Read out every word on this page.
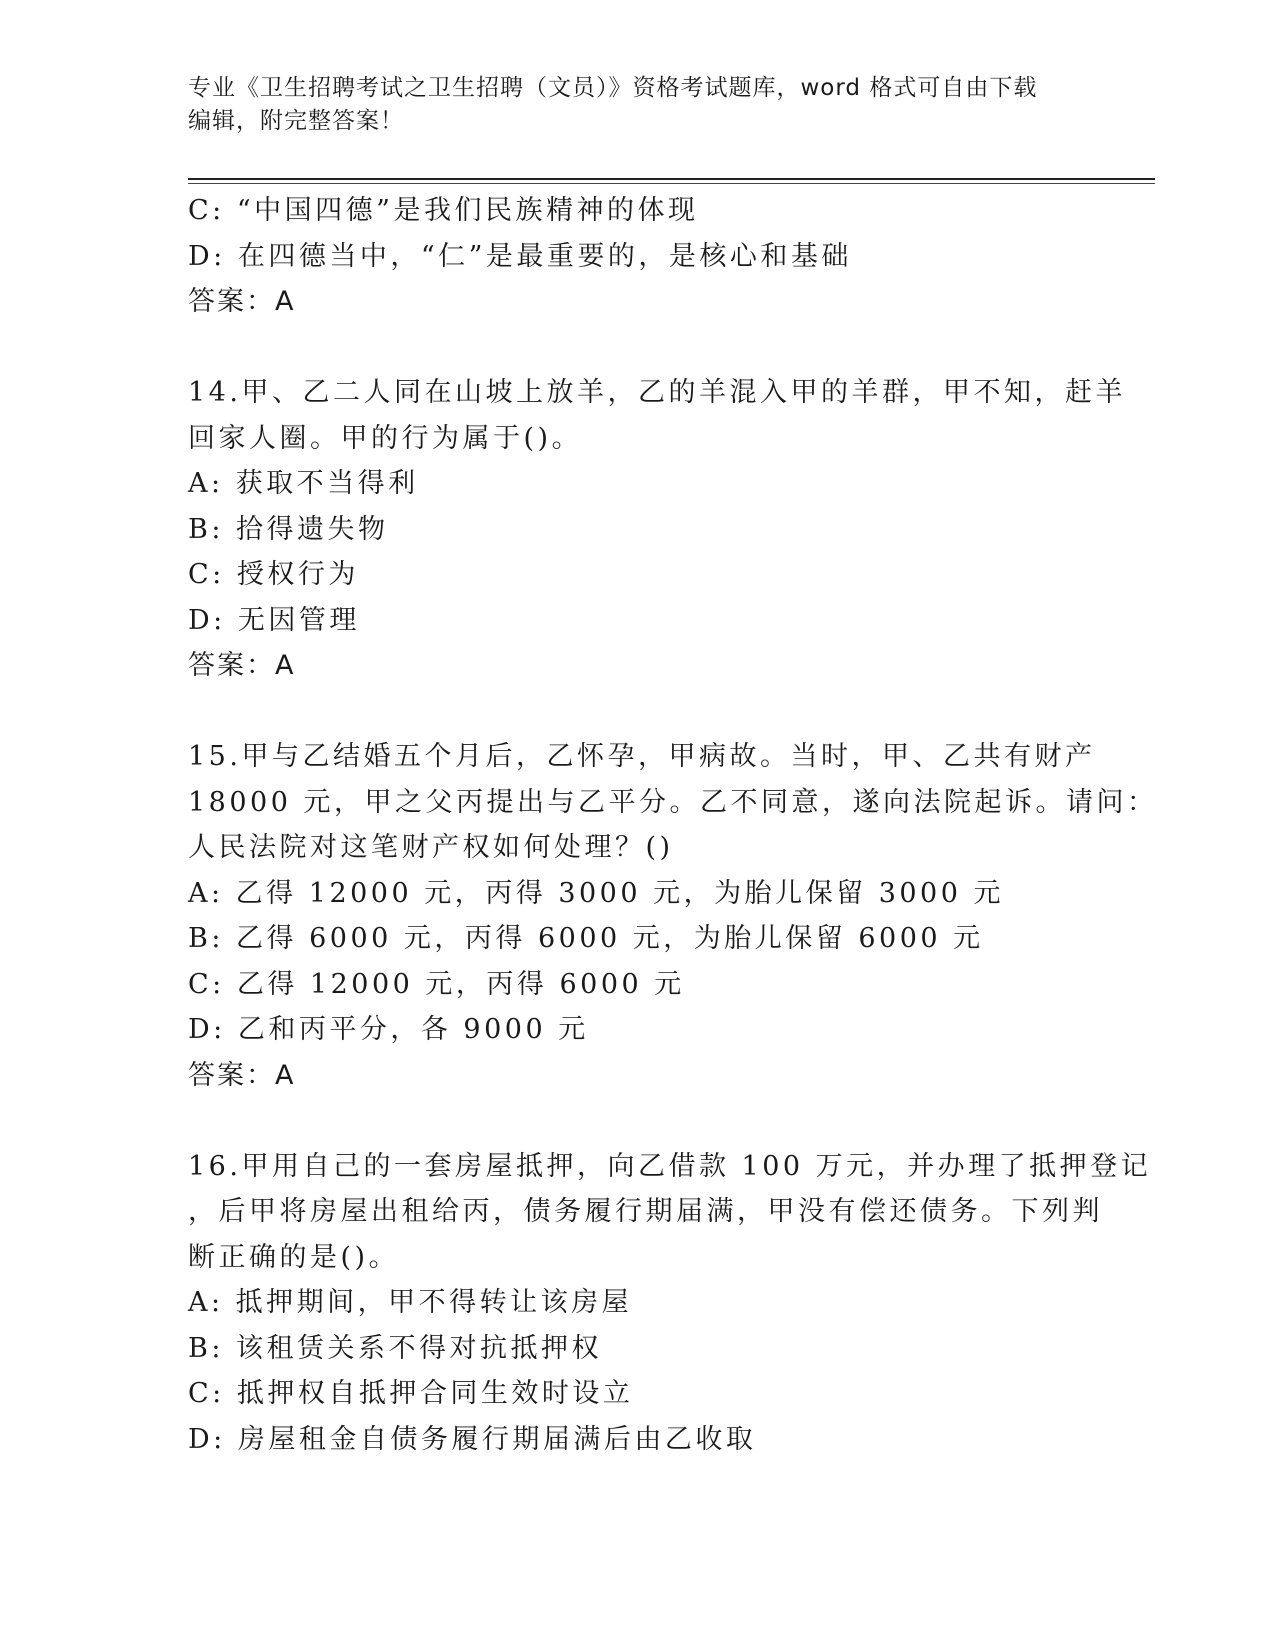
专业《卫生招聘考试之卫生招聘（文员）》资格考试题库，word 格式可自由下载
编辑，附完整答案！
C: “中国四德”是我们民族精神的体现
D: 在四德当中，“仁”是最重要的，是核心和基础
答案：A
14.甲、乙二人同在山坡上放羊，乙的羊混入甲的羊群，甲不知，赶羊
回家人圈。甲的行为属于()。
A: 获取不当得利
B: 拾得遗失物
C: 授权行为
D: 无因管理
答案：A
15.甲与乙结婚五个月后，乙怀孕，甲病故。当时，甲、乙共有财产
18000 元，甲之父丙提出与乙平分。乙不同意，遂向法院起诉。请问：
人民法院对这笔财产权如何处理？()
A: 乙得 12000 元，丙得 3000 元，为胎儿保留 3000 元
B: 乙得 6000 元，丙得 6000 元，为胎儿保留 6000 元
C: 乙得 12000 元，丙得 6000 元
D: 乙和丙平分，各 9000 元
答案：A
16.甲用自己的一套房屋抵押，向乙借款 100 万元，并办理了抵押登记
，后甲将房屋出租给丙，债务履行期届满，甲没有偿还债务。下列判
断正确的是()。
A: 抵押期间，甲不得转让该房屋
B: 该租赁关系不得对抗抵押权
C: 抵押权自抵押合同生效时设立
D: 房屋租金自债务履行期届满后由乙收取
